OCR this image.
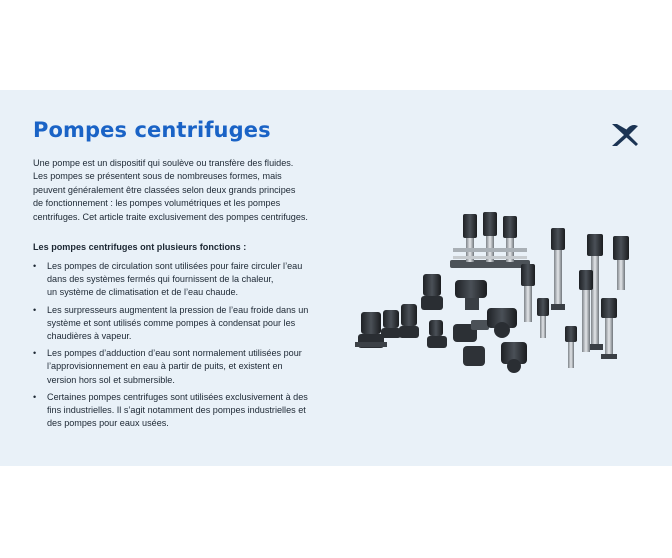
Pompes centrifuges

Une pompe est un dispositif qui soulève ou transfère des fluides.
Les pompes se présentent sous de nombreuses formes, mais
peuvent généralement être classées selon deux grands principes
de fonctionnement : les pompes volumétriques et les pompes
centrifuges. Cet article traite exclusivement des pompes centrifuges.

Les pompes centrifuges ont plusieurs fonctions :

• Les pompes de circulation sont utilisées pour faire circuler l’eau
dans des systèmes fermés qui fournissent de la chaleur,
un système de climatisation et de l’eau chaude.
• Les surpresseurs augmentent la pression de l’eau froide dans un
système et sont utilisés comme pompes à condensat pour les
chaudières à vapeur.
• Les pompes d’adduction d’eau sont normalement utilisées pour
l’approvisionnement en eau à partir de puits, et existent en
version hors sol et submersible.
• Certaines pompes centrifuges sont utilisées exclusivement à des
fins industrielles. Il s’agit notamment des pompes industrielles et
des pompes pour eaux usées.
